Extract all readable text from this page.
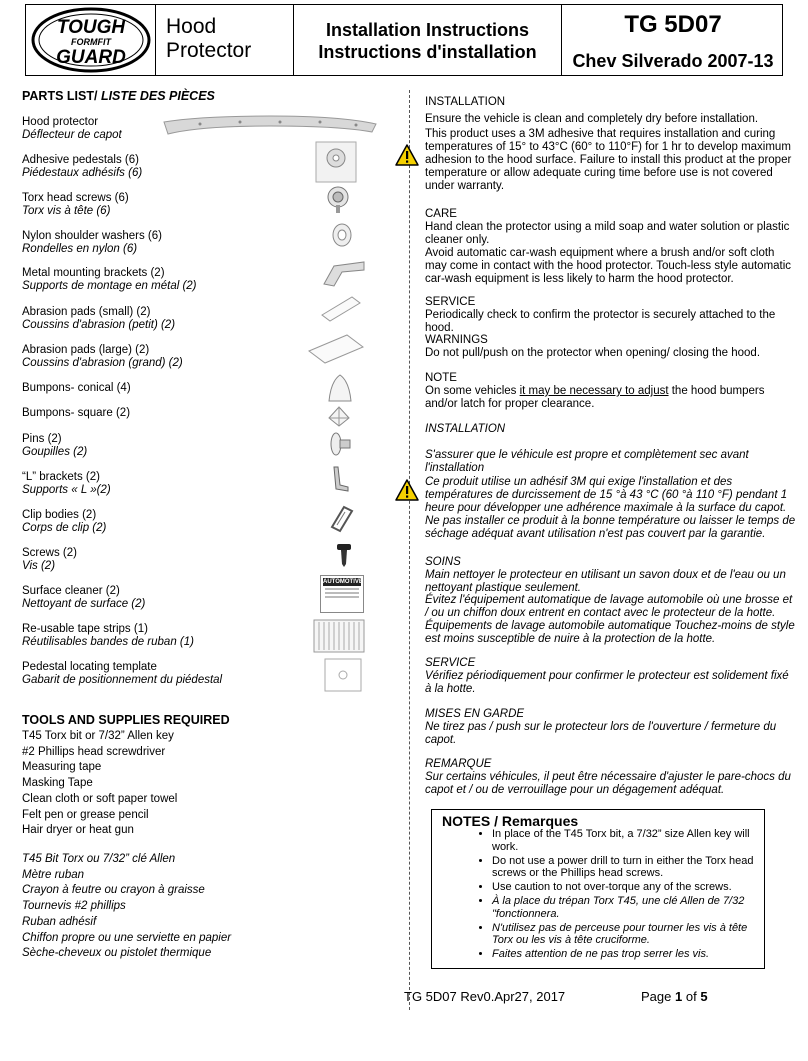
TOUGH
FORMFIT
GUARD
Hood
Protector
Installation Instructions
Instructions d'installation
TG 5D07
Chev Silverado 2007-13
PARTS LIST/ LISTE DES PIÈCES
Hood protector
Déflecteur de capot
Adhesive pedestals (6)
Piédestaux adhésifs (6)
Torx head screws (6)
Torx vis à tête (6)
Nylon shoulder washers (6)
Rondelles en nylon (6)
Metal mounting brackets (2)
Supports de montage en métal (2)
Abrasion pads (small) (2)
Coussins d'abrasion (petit) (2)
Abrasion pads (large) (2)
Coussins d'abrasion (grand) (2)
Bumpons- conical (4)
Bumpons- square (2)
Pins (2)
Goupilles (2)
“L” brackets (2)
Supports « L »(2)
Clip bodies (2)
Corps de clip (2)
Screws (2)
Vis (2)
Surface cleaner (2)
Nettoyant de surface (2)
Re-usable tape strips (1)
Réutilisables bandes de ruban (1)
Pedestal locating template
Gabarit de positionnement du piédestal
AUTOMOTIVE
TOOLS AND SUPPLIES REQUIRED
T45 Torx bit or 7/32” Allen key
#2 Phillips head screwdriver
Measuring tape
Masking Tape
Clean cloth or soft paper towel
Felt pen or grease pencil
Hair dryer or heat gun
T45 Bit Torx ou 7/32” clé Allen
Mètre ruban
Crayon à feutre ou crayon à graisse
Tournevis #2 phillips
Ruban adhésif
Chiffon propre ou une serviette en papier
Sèche-cheveux ou pistolet thermique
INSTALLATION
Ensure the vehicle is clean and completely dry before installation.
This product uses a 3M adhesive that requires installation and curing temperatures of 15° to 43°C (60° to 110°F) for 1 hr to develop maximum adhesion to the hood surface. Failure to install this product at the proper temperature or allow adequate curing time before use is not covered under warranty.
CARE
Hand clean the protector using a mild soap and water solution or plastic cleaner only.
Avoid automatic car-wash equipment where a brush and/or soft cloth may come in contact with the hood protector. Touch-less style automatic car-wash equipment is less likely to harm the hood protector.
SERVICE
Periodically check to confirm the protector is securely attached to the hood.
WARNINGS
Do not pull/push on the protector when opening/ closing the hood.
NOTE
On some vehicles it may be necessary to adjust the hood bumpers and/or latch for proper clearance.
INSTALLATION
S'assurer que le véhicule est propre et complètement sec avant l'installation
Ce produit utilise un adhésif 3M qui exige l'installation et des températures de durcissement de 15 °à 43 °C (60 °à 110 °F) pendant 1 heure pour développer une adhérence maximale à la surface du capot. Ne pas installer ce produit à la bonne température ou laisser le temps de séchage adéquat avant utilisation n'est pas couvert par la garantie.
SOINS
Main nettoyer le protecteur en utilisant un savon doux et de l'eau ou un nettoyant plastique seulement.
Évitez l'équipement automatique de lavage automobile où une brosse et / ou un chiffon doux entrent en contact avec le protecteur de la hotte. Équipements de lavage automobile automatique Touchez-moins de style est moins susceptible de nuire à la protection de la hotte.
SERVICE
Vérifiez périodiquement pour confirmer le protecteur est solidement fixé à la hotte.
MISES EN GARDE
Ne tirez pas / push sur le protecteur lors de l'ouverture / fermeture du capot.
REMARQUE
Sur certains véhicules, il peut être nécessaire d'ajuster le pare-chocs du capot et / ou de verrouillage pour un dégagement adéquat.
NOTES / Remarques
• In place of the T45 Torx bit, a 7/32” size Allen key will work.
• Do not use a power drill to turn in either the Torx head screws or the Phillips head screws.
• Use caution to not over-torque any of the screws.
• À la place du trépan Torx T45, une clé Allen de 7/32 "fonctionnera.
• N'utilisez pas de perceuse pour tourner les vis à tête Torx ou les vis à tête cruciforme.
• Faites attention de ne pas trop serrer les vis.
TG 5D07 Rev0.Apr27, 2017	Page 1 of 5
